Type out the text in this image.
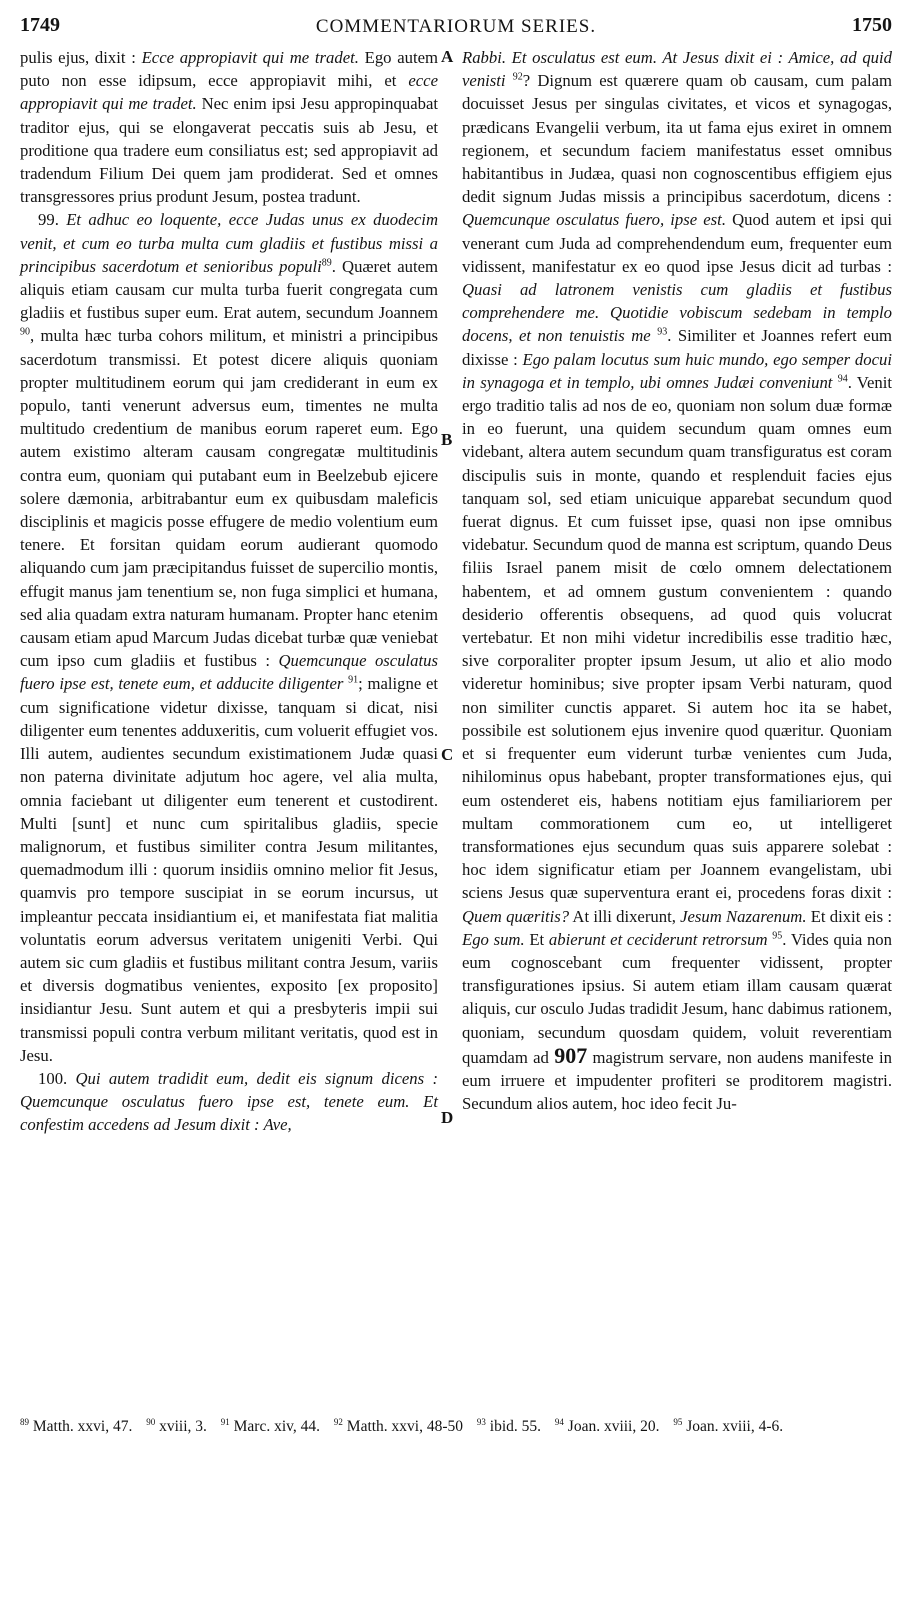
1749	COMMENTARIORUM SERIES.	1750
A
B
C
D

pulis ejus, dixit : Ecce appropiavit qui me tradet. Ego autem puto non esse idipsum, ecce appropiavit mihi, et ecce appropiavit qui me tradet. Nec enim ipsi Jesu appropinquabat traditor ejus, qui se elongaverat peccatis suis ab Jesu, et proditione qua tradere eum consiliatus est; sed appropiavit ad tradendum Filium Dei quem jam prodiderat. Sed et omnes transgressores prius produnt Jesum, postea tradunt.

99. Et adhuc eo loquente, ecce Judas unus ex duodecim venit, et cum eo turba multa cum gladiis et fustibus missi a principibus sacerdotum et senioribus populi$^{89}$. Quæret autem aliquis etiam causam cur multa turba fuerit congregata cum gladiis et fustibus super eum. Erat autem, secundum Joannem $^{90}$, multa hæc turba cohors militum, et ministri a principibus sacerdotum transmissi. Et potest dicere aliquis quoniam propter multitudinem eorum qui jam crediderant in eum ex populo, tanti venerunt adversus eum, timentes ne multa multitudo credentium de manibus eorum raperet eum. Ego autem existimo alteram causam congregatæ multitudinis contra eum, quoniam qui putabant eum in Beelzebub ejicere solere dæmonia, arbitrabantur eum ex quibusdam maleficis disciplinis et magicis posse effugere de medio volentium eum tenere. Et forsitan quidam eorum audierant quomodo aliquando cum jam præcipitandus fuisset de supercilio montis, effugit manus jam tenentium se, non fuga simplici et humana, sed alia quadam extra naturam humanam. Propter hanc etenim causam etiam apud Marcum Judas dicebat turbæ quæ veniebat cum ipso cum gladiis et fustibus : Quemcunque osculatus fuero ipse est, tenete eum, et adducite diligenter $^{91}$; maligne et cum significatione videtur dixisse, tanquam si dicat, nisi diligenter eum tenentes adduxeritis, cum voluerit effugiet vos. Illi autem, audientes secundum existimationem Judæ quasi non paterna divinitate adjutum hoc agere, vel alia multa, omnia faciebant ut diligenter eum tenerent et custodirent. Multi [sunt] et nunc cum spiritalibus gladiis, specie malignorum, et fustibus similiter contra Jesum militantes, quemadmodum illi : quorum insidiis omnino melior fit Jesus, quamvis pro tempore suscipiat in se eorum incursus, ut impleantur peccata insidiantium ei, et manifestata fiat malitia voluntatis eorum adversus veritatem unigeniti Verbi. Qui autem sic cum gladiis et fustibus militant contra Jesum, variis et diversis dogmatibus venientes, exposito [ex proposito] insidiantur Jesu. Sunt autem et qui a presbyteris impii sui transmissi populi contra verbum militant veritatis, quod est in Jesu.

100. Qui autem tradidit eum, dedit eis signum dicens : Quemcunque osculatus fuero ipse est, tenete eum. Et confestim accedens ad Jesum dixit : Ave,

Rabbi. Et osculatus est eum. At Jesus dixit ei : Amice, ad quid venisti $^{92}$? Dignum est quærere quam ob causam, cum palam docuisset Jesus per singulas civitates, et vicos et synagogas, prædicans Evangelii verbum, ita ut fama ejus exiret in omnem regionem, et secundum faciem manifestatus esset omnibus habitantibus in Judæa, quasi non cognoscentibus effigiem ejus dedit signum Judas missis a principibus sacerdotum, dicens : Quemcunque osculatus fuero, ipse est. Quod autem et ipsi qui venerant cum Juda ad comprehendendum eum, frequenter eum vidissent, manifestatur ex eo quod ipse Jesus dicit ad turbas : Quasi ad latronem venistis cum gladiis et fustibus comprehendere me. Quotidie vobiscum sedebam in templo docens, et non tenuistis me $^{93}$. Similiter et Joannes refert eum dixisse : Ego palam locutus sum huic mundo, ego semper docui in synagoga et in templo, ubi omnes Judæi conveniunt $^{94}$. Venit ergo traditio talis ad nos de eo, quoniam non solum duæ formæ in eo fuerunt, una quidem secundum quam omnes eum videbant, altera autem secundum quam transfiguratus est coram discipulis suis in monte, quando et resplenduit facies ejus tanquam sol, sed etiam unicuique apparebat secundum quod fuerat dignus. Et cum fuisset ipse, quasi non ipse omnibus videbatur. Secundum quod de manna est scriptum, quando Deus filiis Israel panem misit de cœlo omnem delectationem habentem, et ad omnem gustum convenientem : quando desiderio offerentis obsequens, ad quod quis volucrat vertebatur. Et non mihi videtur incredibilis esse traditio hæc, sive corporaliter propter ipsum Jesum, ut alio et alio modo videretur hominibus; sive propter ipsam Verbi naturam, quod non similiter cunctis apparet. Si autem hoc ita se habet, possibile est solutionem ejus invenire quod quæritur. Quoniam et si frequenter eum viderunt turbæ venientes cum Juda, nihilominus opus habebant, propter transformationes ejus, qui eum ostenderet eis, habens notitiam ejus familiariorem per multam commorationem cum eo, ut intelligeret transformationes ejus secundum quas suis apparere solebat : hoc idem significatur etiam per Joannem evangelistam, ubi sciens Jesus quæ superventura erant ei, procedens foras dixit : Quem quæritis? At illi dixerunt, Jesum Nazarenum. Et dixit eis : Ego sum. Et abierunt et ceciderunt retrorsum $^{95}$. Vides quia non eum cognoscebant cum frequenter vidissent, propter transfigurationes ipsius. Si autem etiam illam causam quærat aliquis, cur osculo Judas tradidit Jesum, hanc dabimus rationem, quoniam, secundum quosdam quidem, voluit reverentiam quamdam ad 907 magistrum servare, non audens manifeste in eum irruere et impudenter profiteri se proditorem magistri. Secundum alios autem, hoc ideo fecit Ju-

$^{89}$ Matth. xxvi, 47. $^{90}$ xviii, 3. $^{91}$ Marc. xiv, 44. $^{92}$ Matth. xxvi, 48-50 $^{93}$ ibid. 55. $^{94}$ Joan. xviii, 20. $^{95}$ Joan. xviii, 4-6.
